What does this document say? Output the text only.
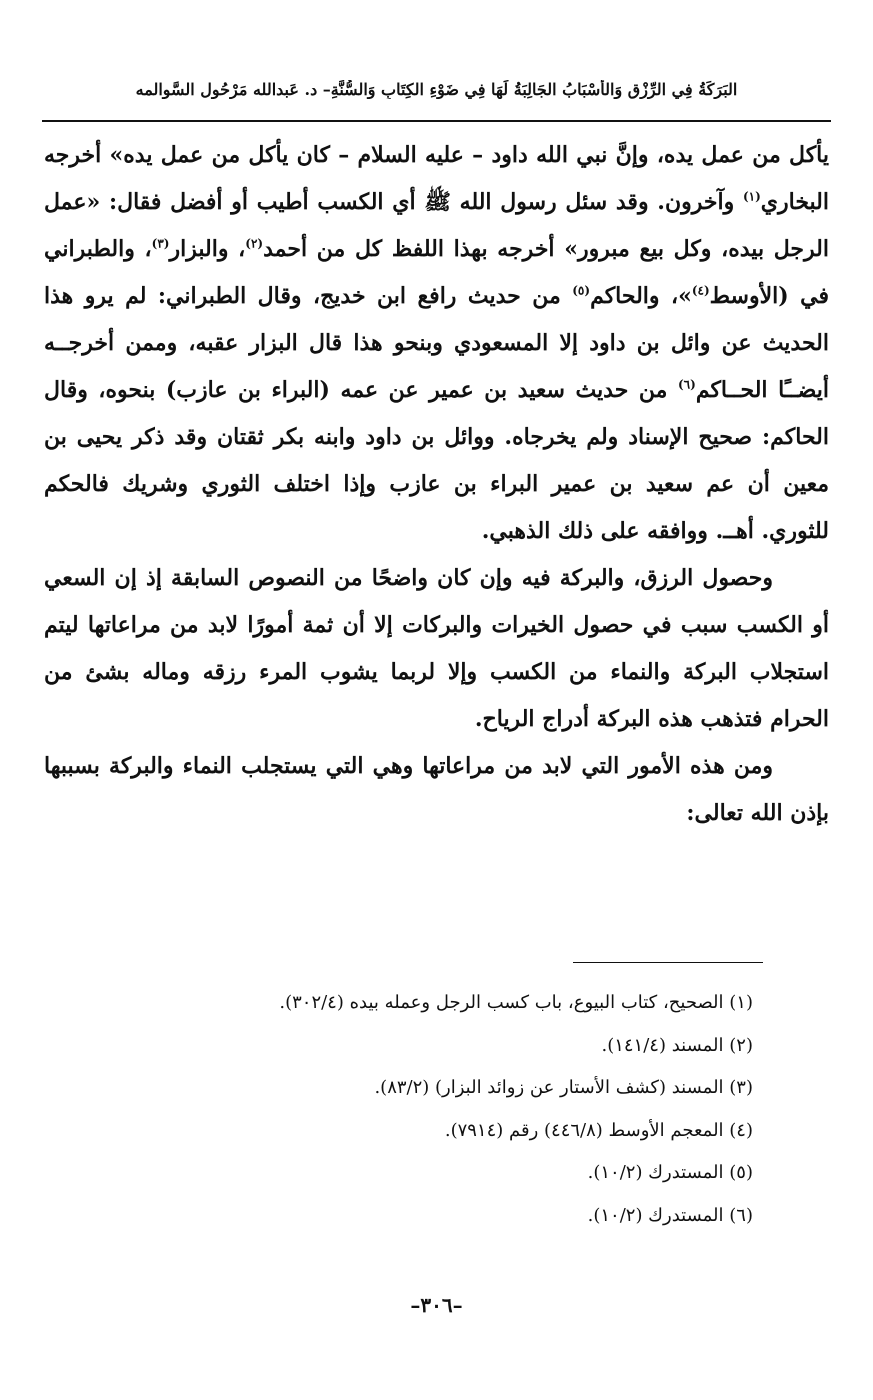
البَرَكَةُ فِي الرِّزْقِ وَالأَسْبَابُ الجَالِبَةُ لَهَا فِي ضَوْءِ الكِتَابِ وَالسُّنَّةِ– د. عَبدالله مَرْحُول السَّوالمه

يأكل من عمل يده، وإنَّ نبي الله داود – عليه السلام – كان يأكل من عمل يده» أخرجه البخاري$^{(١)}$ وآخرون. وقد سئل رسول الله ﷺ أي الكسب أطيب أو أفضل فقال: «عمل الرجل بيده، وكل بيع مبرور» أخرجه بهذا اللفظ كل من أحمد$^{(٢)}$، والبزار$^{(٣)}$، والطبراني في (الأوسط$^{(٤)}$»، والحاكم$^{(٥)}$ من حديث رافع ابن خديج، وقال الطبراني: لم يرو هذا الحديث عن وائل بن داود إلا المسعودي وبنحو هذا قال البزار عقبه، وممن أخرجــه أيضــًا الحــاكم$^{(٦)}$ من حديث سعيد بن عمير عن عمه (البراء بن عازب) بنحوه، وقال الحاكم: صحيح الإسناد ولم يخرجاه. ووائل بن داود وابنه بكر ثقتان وقد ذكر يحيى بن معين أن عم سعيد بن عمير البراء بن عازب وإذا اختلف الثوري وشريك فالحكم للثوري. أهــ. ووافقه على ذلك الذهبي.

وحصول الرزق، والبركة فيه وإن كان واضحًا من النصوص السابقة إذ إن السعي أو الكسب سبب في حصول الخيرات والبركات إلا أن ثمة أمورًا لابد من مراعاتها ليتم استجلاب البركة والنماء من الكسب وإلا لربما يشوب المرء رزقه وماله بشئ من الحرام فتذهب هذه البركة أدراج الرياح.

ومن هذه الأمور التي لابد من مراعاتها وهي التي يستجلب النماء والبركة بسببها بإذن الله تعالى:

(١) الصحيح، كتاب البيوع، باب كسب الرجل وعمله بيده (٣٠٢/٤).
(٢) المسند (١٤١/٤).
(٣) المسند (كشف الأستار عن زوائد البزار) (٨٣/٢).
(٤) المعجم الأوسط (٤٤٦/٨) رقم (٧٩١٤).
(٥) المستدرك (١٠/٢).
(٦) المستدرك (١٠/٢).
–٣٠٦–
